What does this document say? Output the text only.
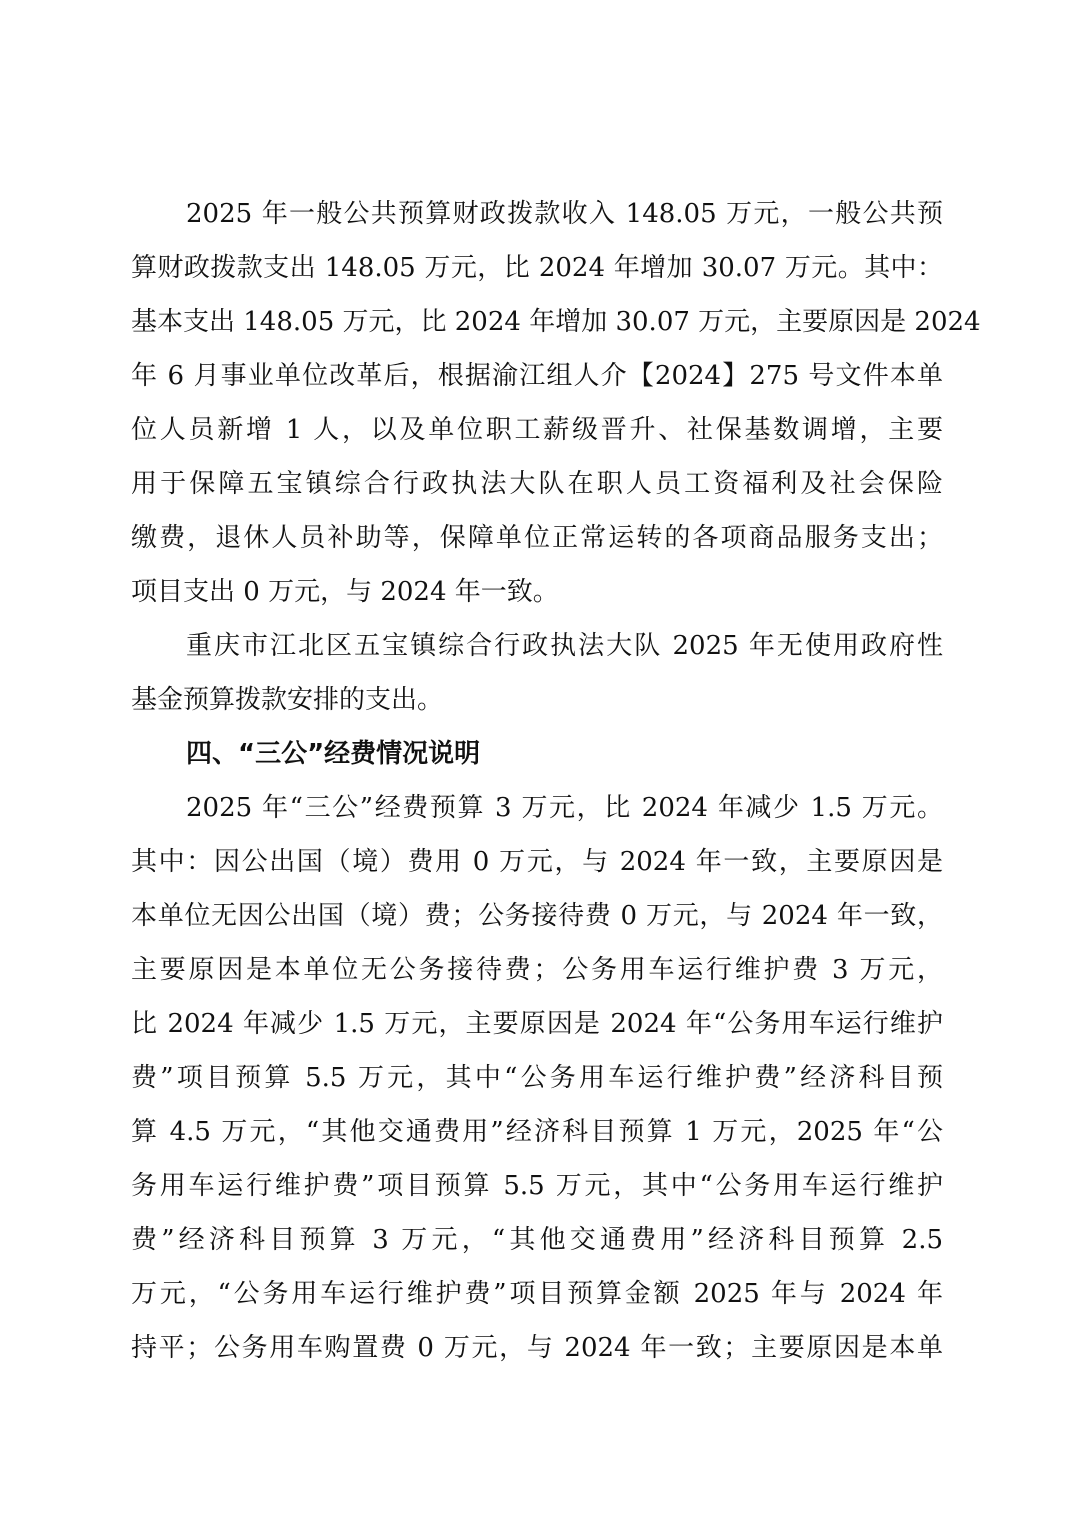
2025 年一般公共预算财政拨款收入 148.05 万元，一般公共预
算财政拨款支出 148.05 万元，比 2024 年增加 30.07 万元。其中：
基本支出 148.05 万元，比 2024 年增加 30.07 万元，主要原因是 2024
年 6 月事业单位改革后，根据渝江组人介【2024】275 号文件本单
位人员新增 1 人，以及单位职工薪级晋升、社保基数调增，主要
用于保障五宝镇综合行政执法大队在职人员工资福利及社会保险
缴费，退休人员补助等，保障单位正常运转的各项商品服务支出；
项目支出 0 万元，与 2024 年一致。
重庆市江北区五宝镇综合行政执法大队 2025 年无使用政府性
基金预算拨款安排的支出。
四、“三公”经费情况说明
2025 年“三公”经费预算 3 万元，比 2024 年减少 1.5 万元。
其中：因公出国（境）费用 0 万元，与 2024 年一致，主要原因是
本单位无因公出国（境）费；公务接待费 0 万元，与 2024 年一致，
主要原因是本单位无公务接待费；公务用车运行维护费 3 万元，
比 2024 年减少 1.5 万元，主要原因是 2024 年“公务用车运行维护
费”项目预算 5.5 万元，其中“公务用车运行维护费”经济科目预
算 4.5 万元，“其他交通费用”经济科目预算 1 万元，2025 年“公
务用车运行维护费”项目预算 5.5 万元，其中“公务用车运行维护
费”经济科目预算 3 万元，“其他交通费用”经济科目预算 2.5
万元，“公务用车运行维护费”项目预算金额 2025 年与 2024 年
持平；公务用车购置费 0 万元，与 2024 年一致；主要原因是本单
